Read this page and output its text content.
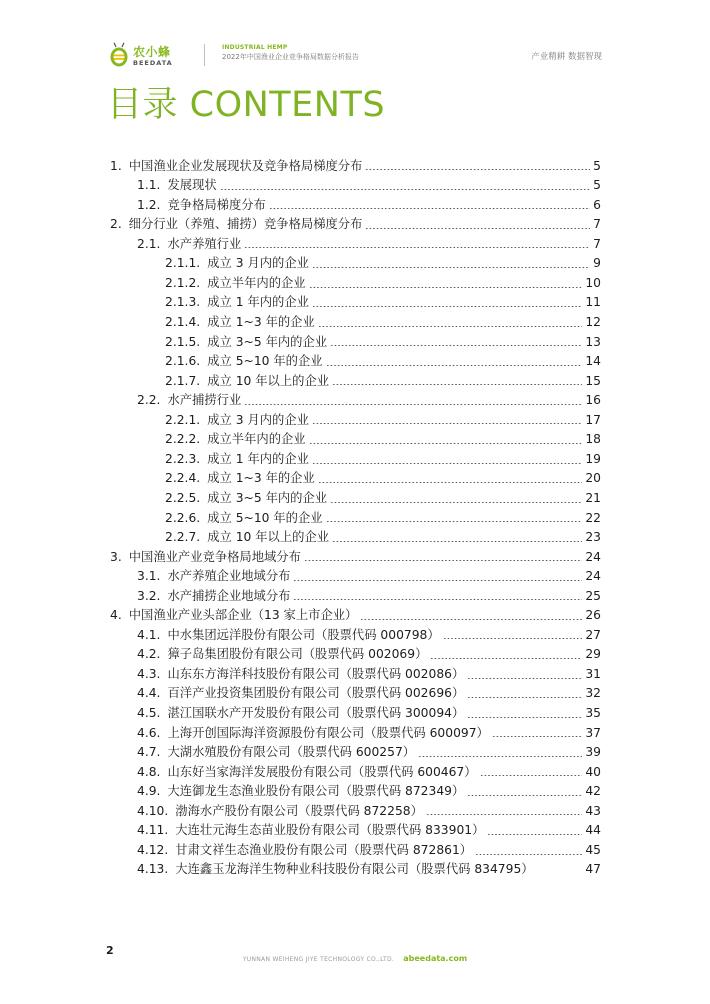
农小蜂
BEEDATA
INDUSTRIAL HEMP
2022年中国渔业企业竞争格局数据分析报告	产业精耕 数据智现
目录 CONTENTS
1. 中国渔业企业发展现状及竞争格局梯度分布	5
1.1. 发展现状	5
1.2. 竞争格局梯度分布	6
2. 细分行业（养殖、捕捞）竞争格局梯度分布	7
2.1. 水产养殖行业	7
2.1.1. 成立 3 月内的企业	9
2.1.2. 成立半年内的企业	10
2.1.3. 成立 1 年内的企业	11
2.1.4. 成立 1~3 年的企业	12
2.1.5. 成立 3~5 年内的企业	13
2.1.6. 成立 5~10 年的企业	14
2.1.7. 成立 10 年以上的企业	15
2.2. 水产捕捞行业	16
2.2.1. 成立 3 月内的企业	17
2.2.2. 成立半年内的企业	18
2.2.3. 成立 1 年内的企业	19
2.2.4. 成立 1~3 年的企业	20
2.2.5. 成立 3~5 年内的企业	21
2.2.6. 成立 5~10 年的企业	22
2.2.7. 成立 10 年以上的企业	23
3. 中国渔业产业竞争格局地域分布	24
3.1. 水产养殖企业地域分布	24
3.2. 水产捕捞企业地域分布	25
4. 中国渔业产业头部企业（13 家上市企业）	26
4.1. 中水集团远洋股份有限公司（股票代码 000798）	27
4.2. 獐子岛集团股份有限公司（股票代码 002069）	29
4.3. 山东东方海洋科技股份有限公司（股票代码 002086）	31
4.4. 百洋产业投资集团股份有限公司（股票代码 002696）	32
4.5. 湛江国联水产开发股份有限公司（股票代码 300094）	35
4.6. 上海开创国际海洋资源股份有限公司（股票代码 600097）	37
4.7. 大湖水殖股份有限公司（股票代码 600257）	39
4.8. 山东好当家海洋发展股份有限公司（股票代码 600467）	40
4.9. 大连御龙生态渔业股份有限公司（股票代码 872349）	42
4.10. 渤海水产股份有限公司（股票代码 872258）	43
4.11. 大连壮元海生态苗业股份有限公司（股票代码 833901）	44
4.12. 甘肃文祥生态渔业股份有限公司（股票代码 872861）	45
4.13. 大连鑫玉龙海洋生物种业科技股份有限公司（股票代码 834795）	47
2
YUNNAN WEIHENG JIYE TECHNOLOGY CO.,LTD. abeedata.com
